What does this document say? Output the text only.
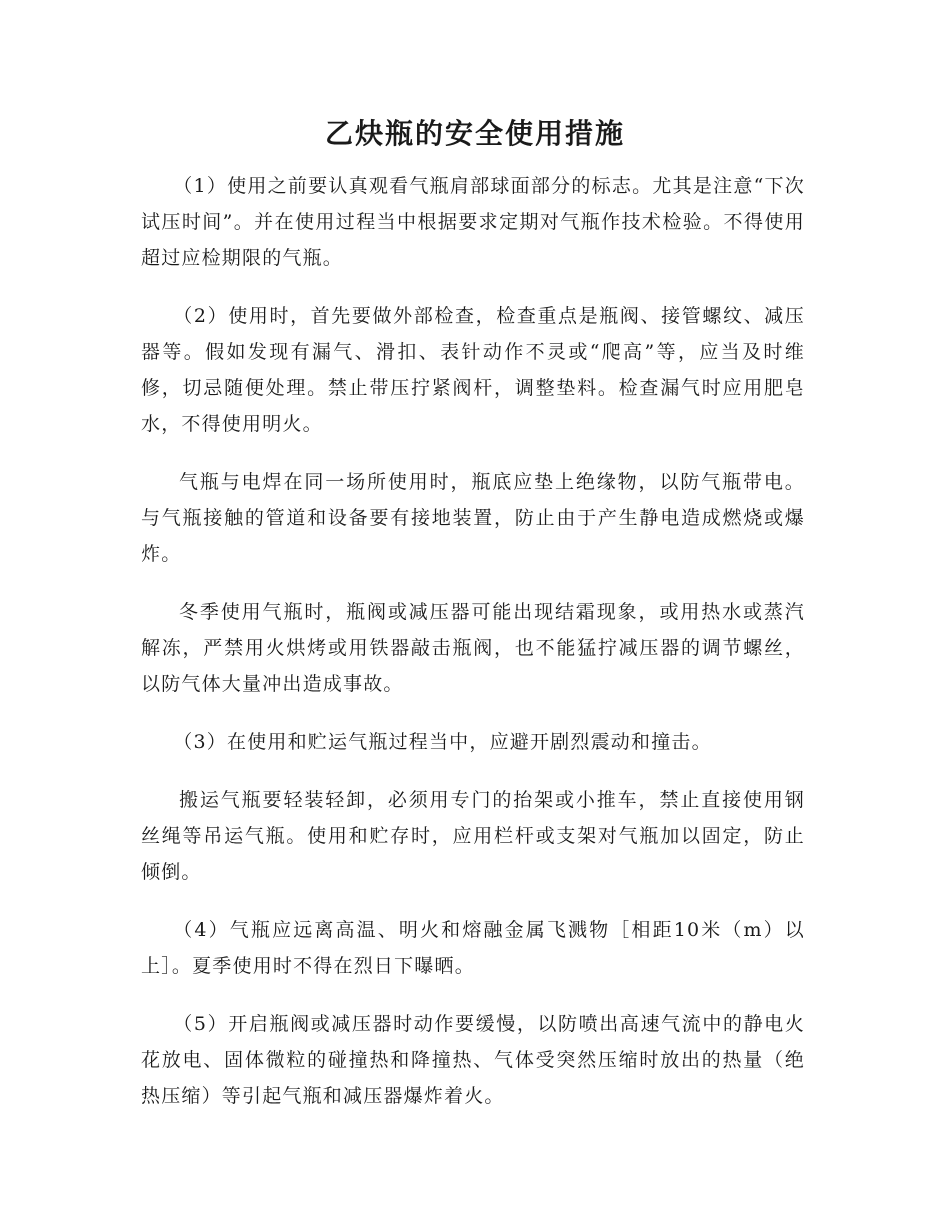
乙炔瓶的安全使用措施

（1）使用之前要认真观看气瓶肩部球面部分的标志。尤其是注意“下次试压时间”。并在使用过程当中根据要求定期对气瓶作技术检验。不得使用超过应检期限的气瓶。

（2）使用时，首先要做外部检查，检查重点是瓶阀、接管螺纹、减压器等。假如发现有漏气、滑扣、表针动作不灵或“爬高”等，应当及时维修，切忌随便处理。禁止带压拧紧阀杆，调整垫料。检查漏气时应用肥皂水，不得使用明火。

气瓶与电焊在同一场所使用时，瓶底应垫上绝缘物，以防气瓶带电。与气瓶接触的管道和设备要有接地装置，防止由于产生静电造成燃烧或爆炸。

冬季使用气瓶时，瓶阀或减压器可能出现结霜现象，或用热水或蒸汽解冻，严禁用火烘烤或用铁器敲击瓶阀，也不能猛拧减压器的调节螺丝，以防气体大量冲出造成事故。

（3）在使用和贮运气瓶过程当中，应避开剧烈震动和撞击。

搬运气瓶要轻装轻卸，必须用专门的抬架或小推车，禁止直接使用钢丝绳等吊运气瓶。使用和贮存时，应用栏杆或支架对气瓶加以固定，防止倾倒。

（4）气瓶应远离高温、明火和熔融金属飞溅物［相距10米（m）以上］。夏季使用时不得在烈日下曝晒。

（5）开启瓶阀或减压器时动作要缓慢，以防喷出高速气流中的静电火花放电、固体微粒的碰撞热和降撞热、气体受突然压缩时放出的热量（绝热压缩）等引起气瓶和减压器爆炸着火。
